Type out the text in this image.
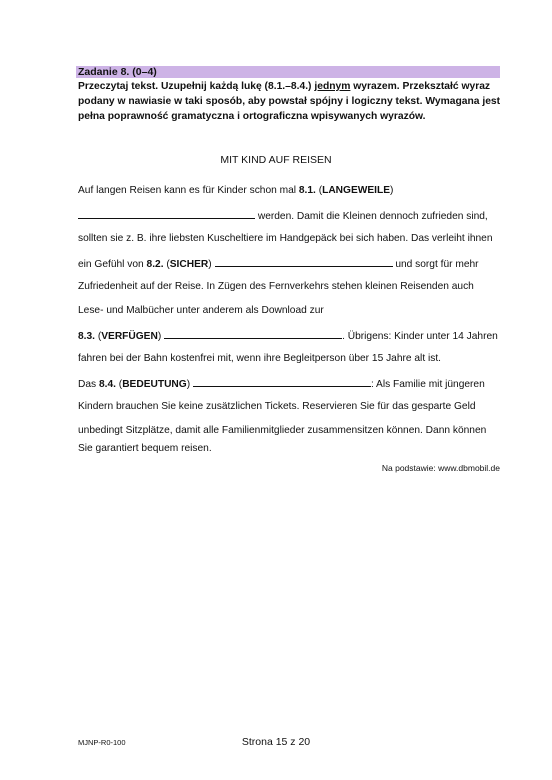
Zadanie 8. (0–4)
Przeczytaj tekst. Uzupełnij każdą lukę (8.1.–8.4.) jednym wyrazem. Przekształć wyraz
podany w nawiasie w taki sposób, aby powstał spójny i logiczny tekst. Wymagana jest
pełna poprawność gramatyczna i ortograficzna wpisywanych wyrazów.
MIT KIND AUF REISEN
Auf langen Reisen kann es für Kinder schon mal 8.1. (LANGEWEILE)
werden. Damit die Kleinen dennoch zufrieden sind,
sollten sie z. B. ihre liebsten Kuscheltiere im Handgepäck bei sich haben. Das verleiht ihnen
ein Gefühl von 8.2. (SICHER)	und sorgt für mehr
Zufriedenheit auf der Reise. In Zügen des Fernverkehrs stehen kleinen Reisenden auch
Lese- und Malbücher unter anderem als Download zur
8.3. (VERFÜGEN)	. Übrigens: Kinder unter 14 Jahren
fahren bei der Bahn kostenfrei mit, wenn ihre Begleitperson über 15 Jahre alt ist.
Das 8.4. (BEDEUTUNG)	: Als Familie mit jüngeren
Kindern brauchen Sie keine zusätzlichen Tickets. Reservieren Sie für das gesparte Geld
unbedingt Sitzplätze, damit alle Familienmitglieder zusammensitzen können. Dann können
Sie garantiert bequem reisen.
Na podstawie: www.dbmobil.de
MJNP-R0-100	Strona 15 z 20
